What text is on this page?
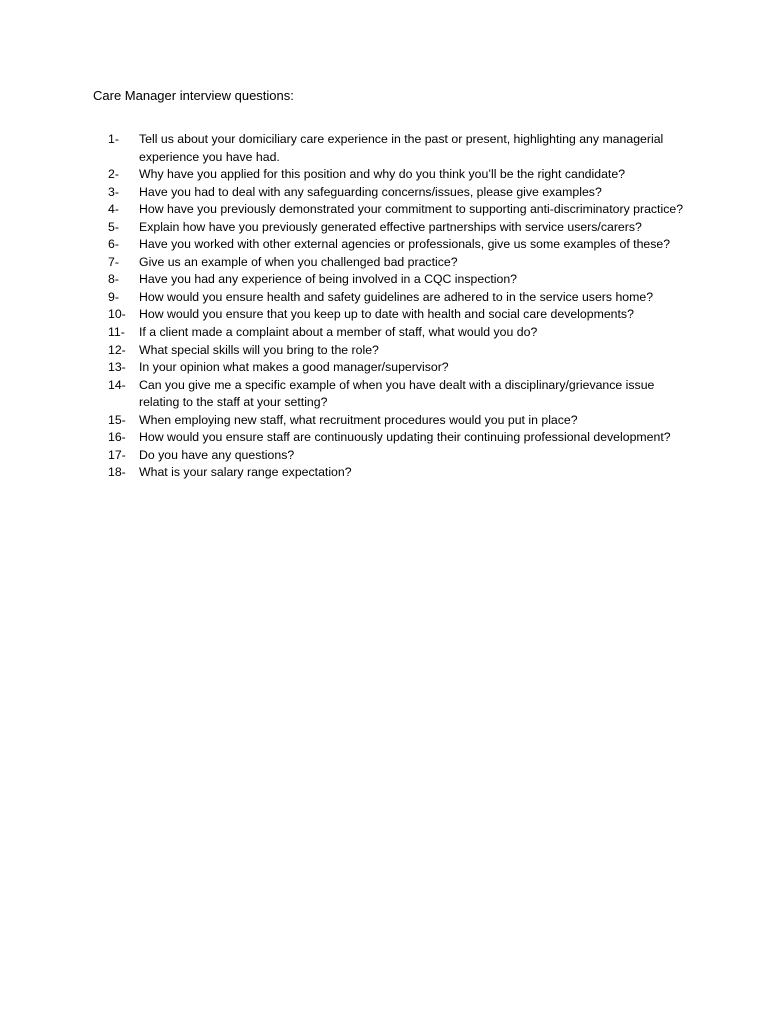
Care Manager interview questions:
1-	Tell us about your domiciliary care experience in the past or present, highlighting any managerial experience you have had.
2-	Why have you applied for this position and why do you think you’ll be the right candidate?
3-	Have you had to deal with any safeguarding concerns/issues, please give examples?
4-	How have you previously demonstrated your commitment to supporting anti-discriminatory practice?
5-	Explain how have you previously generated effective partnerships with service users/carers?
6-	Have you worked with other external agencies or professionals, give us some examples of these?
7-	Give us an example of when you challenged bad practice?
8-	Have you had any experience of being involved in a CQC inspection?
9-	How would you ensure health and safety guidelines are adhered to in the service users home?
10-	How would you ensure that you keep up to date with health and social care developments?
11-	If a client made a complaint about a member of staff, what would you do?
12-	What special skills will you bring to the role?
13-	In your opinion what makes a good manager/supervisor?
14-	Can you give me a specific example of when you have dealt with a disciplinary/grievance issue relating to the staff at your setting?
15-	When employing new staff, what recruitment procedures would you put in place?
16-	How would you ensure staff are continuously updating their continuing professional development?
17-	Do you have any questions?
18-	What is your salary range expectation?
